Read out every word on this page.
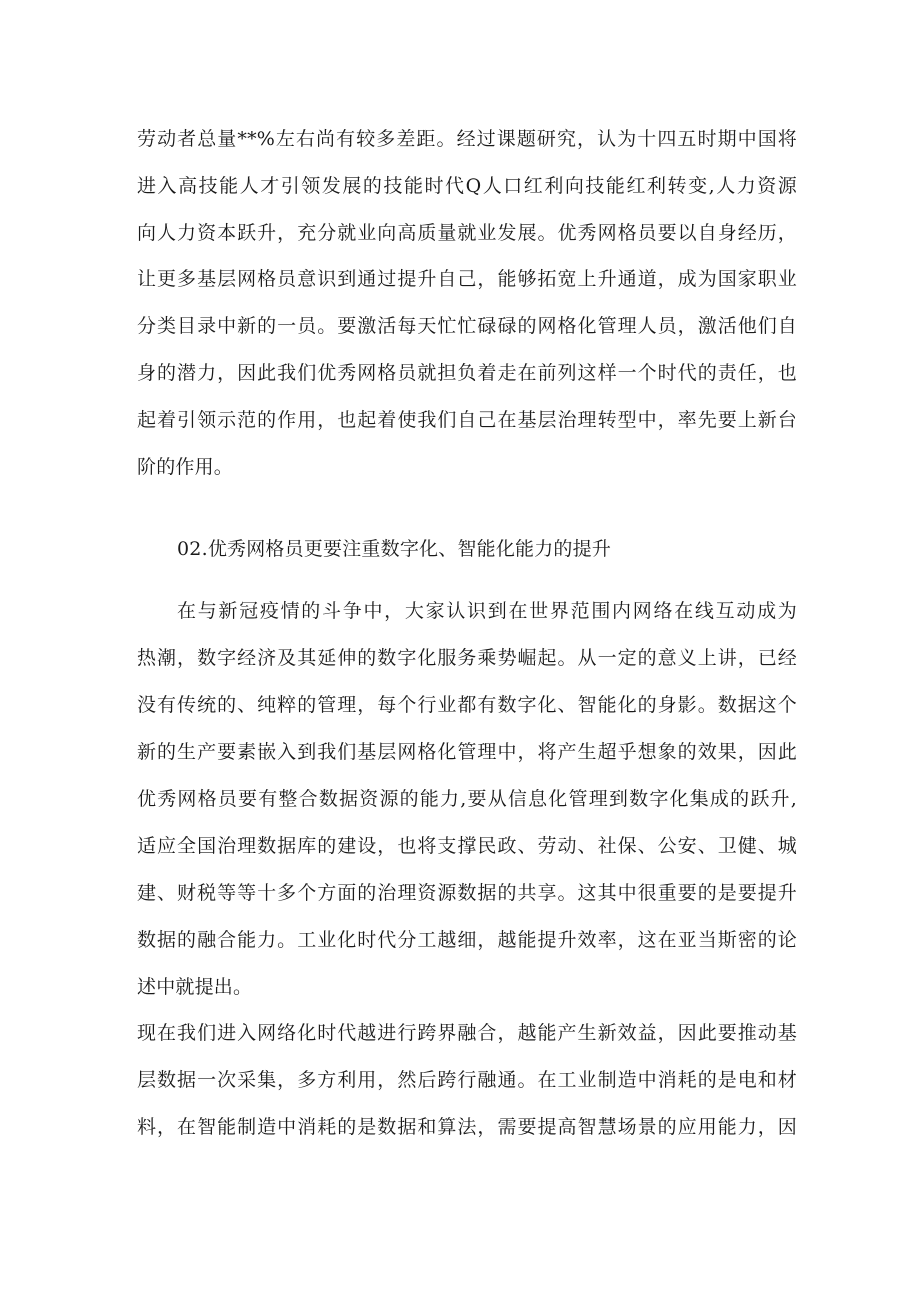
劳动者总量**%左右尚有较多差距。经过课题研究，认为十四五时期中国将
进入高技能人才引领发展的技能时代Q人口红利向技能红利转变,人力资源
向人力资本跃升，充分就业向高质量就业发展。优秀网格员要以自身经历，
让更多基层网格员意识到通过提升自己，能够拓宽上升通道，成为国家职业
分类目录中新的一员。要激活每天忙忙碌碌的网格化管理人员，激活他们自
身的潜力，因此我们优秀网格员就担负着走在前列这样一个时代的责任，也
起着引领示范的作用，也起着使我们自己在基层治理转型中，率先要上新台
阶的作用。
02.优秀网格员更要注重数字化、智能化能力的提升
在与新冠疫情的斗争中，大家认识到在世界范围内网络在线互动成为
热潮，数字经济及其延伸的数字化服务乘势崛起。从一定的意义上讲，已经
没有传统的、纯粹的管理，每个行业都有数字化、智能化的身影。数据这个
新的生产要素嵌入到我们基层网格化管理中，将产生超乎想象的效果，因此
优秀网格员要有整合数据资源的能力,要从信息化管理到数字化集成的跃升,
适应全国治理数据库的建设，也将支撑民政、劳动、社保、公安、卫健、城
建、财税等等十多个方面的治理资源数据的共享。这其中很重要的是要提升
数据的融合能力。工业化时代分工越细，越能提升效率，这在亚当斯密的论
述中就提出。
现在我们进入网络化时代越进行跨界融合，越能产生新效益，因此要推动基
层数据一次采集，多方利用，然后跨行融通。在工业制造中消耗的是电和材
料，在智能制造中消耗的是数据和算法，需要提高智慧场景的应用能力，因
